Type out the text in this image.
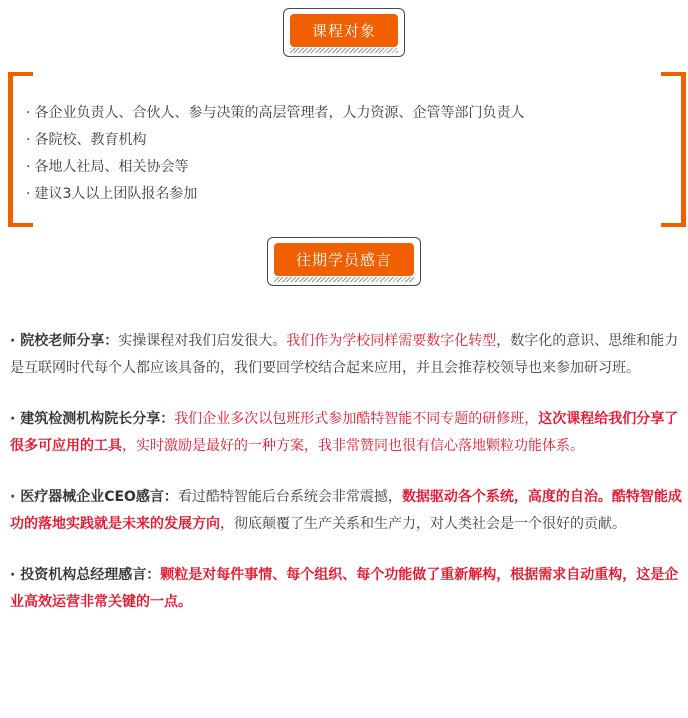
课程对象
· 各企业负责人、合伙人、参与决策的高层管理者，人力资源、企管等部门负责人
· 各院校、教育机构
· 各地人社局、相关协会等
· 建议3人以上团队报名参加
往期学员感言

· 院校老师分享：实操课程对我们启发很大。我们作为学校同样需要数字化转型，数字化的意识、思维和能力是互联网时代每个人都应该具备的，我们要回学校结合起来应用，并且会推荐校领导也来参加研习班。

· 建筑检测机构院长分享：我们企业多次以包班形式参加酷特智能不同专题的研修班，这次课程给我们分享了很多可应用的工具，实时激励是最好的一种方案，我非常赞同也很有信心落地颗粒功能体系。

· 医疗器械企业CEO感言：看过酷特智能后台系统会非常震撼，数据驱动各个系统，高度的自治。酷特智能成功的落地实践就是未来的发展方向，彻底颠覆了生产关系和生产力，对人类社会是一个很好的贡献。

· 投资机构总经理感言：颗粒是对每件事情、每个组织、每个功能做了重新解构，根据需求自动重构，这是企业高效运营非常关键的一点。
